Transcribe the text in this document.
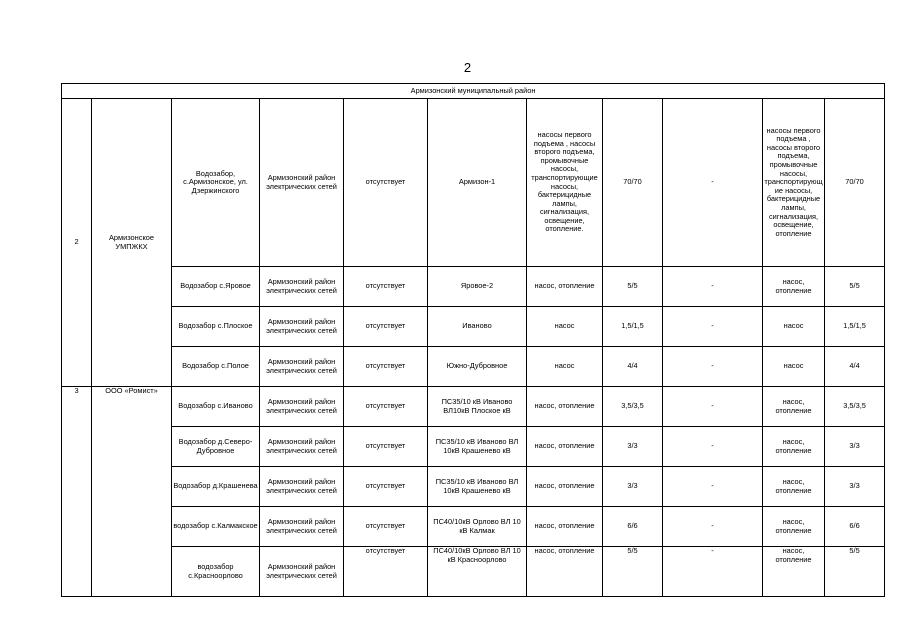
2
Армизонский муниципальный район										
2	Армизонское УМПЖКХ	Водозабор, с.Армизонское, ул. Дзержинского	Армизонский район электрических сетей	отсутствует	Армизон-1	насосы первого подъема , насосы второго подъема, промывочные насосы, транспортирующие насосы, бактерицидные лампы, сигнализация, освещение, отопление.	70/70	-	насосы первого подъема , насосы второго подъема, промывочные насосы, транспортирующие насосы, бактерицидные лампы, сигнализация, освещение, отопление	70/70
		Водозабор с.Яровое	Армизонский район электрических сетей	отсутствует	Яровое-2	насос, отопление	5/5	-	насос, отопление	5/5
		Водозабор с.Плоское	Армизонский район электрических сетей	отсутствует	Иваново	насос	1,5/1,5	-	насос	1,5/1,5
		Водозабор с.Полое	Армизонский район электрических сетей	отсутствует	Южно-Дубровное	насос	4/4	-	насос	4/4
3	ООО «Ромист»	Водозабор с.Иваново	Армизонский район электрических сетей	отсутствует	ПС35/10 кВ Иваново ВЛ10кВ Плоское кВ	насос, отопление	3,5/3,5	-	насос, отопление	3,5/3,5
		Водозабор д.Северо-Дубровное	Армизонский район электрических сетей	отсутствует	ПС35/10 кВ Иваново ВЛ 10кВ Крашенево кВ	насос, отопление	3/3	-	насос, отопление	3/3
		Водозабор д.Крашенева	Армизонский район электрических сетей	отсутствует	ПС35/10 кВ Иваново ВЛ 10кВ Крашенево кВ	насос, отопление	3/3	-	насос, отопление	3/3
		водозабор с.Калмакское	Армизонский район электрических сетей	отсутствует	ПС40/10кВ Орлово ВЛ 10 кВ Калмак	насос, отопление	6/6	-	насос, отопление	6/6
		водозабор с.Красноорлово	Армизонский район электрических сетей	отсутствует	ПС40/10кВ Орлово ВЛ 10 кВ Красноорлово	насос, отопление	5/5	-	насос, отопление	5/5
